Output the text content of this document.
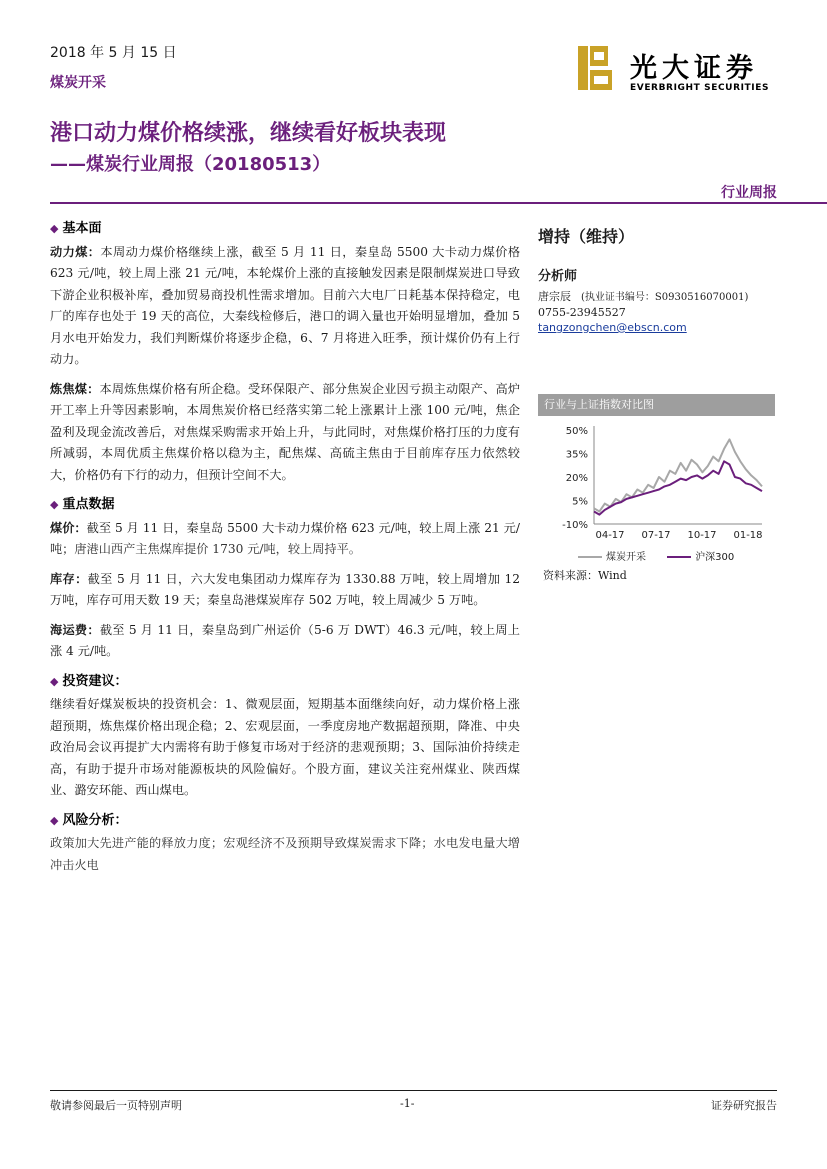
2018 年 5 月 15 日
煤炭开采	光大证券
EVERBRIGHT SECURITIES
港口动力煤价格续涨，继续看好板块表现
——煤炭行业周报（20180513）
行业周报
◆ 基本面

动力煤：本周动力煤价格继续上涨，截至 5 月 11 日，秦皇岛 5500 大卡动力煤价格 623 元/吨，较上周上涨 21 元/吨，本轮煤价上涨的直接触发因素是限制煤炭进口导致下游企业积极补库，叠加贸易商投机性需求增加。目前六大电厂日耗基本保持稳定，电厂的库存也处于 19 天的高位，大秦线检修后，港口的调入量也开始明显增加，叠加 5 月水电开始发力，我们判断煤价将逐步企稳，6、7 月将进入旺季，预计煤价仍有上行动力。

炼焦煤：本周炼焦煤价格有所企稳。受环保限产、部分焦炭企业因亏损主动限产、高炉开工率上升等因素影响，本周焦炭价格已经落实第二轮上涨累计上涨 100 元/吨，焦企盈利及现金流改善后，对焦煤采购需求开始上升，与此同时，对焦煤价格打压的力度有所减弱，本周优质主焦煤价格以稳为主，配焦煤、高硫主焦由于目前库存压力依然较大，价格仍有下行的动力，但预计空间不大。

◆ 重点数据

煤价：截至 5 月 11 日，秦皇岛 5500 大卡动力煤价格 623 元/吨，较上周上涨 21 元/吨；唐港山西产主焦煤库提价 1730 元/吨，较上周持平。

库存：截至 5 月 11 日，六大发电集团动力煤库存为 1330.88 万吨，较上周增加 12 万吨，库存可用天数 19 天；秦皇岛港煤炭库存 502 万吨，较上周减少 5 万吨。

海运费：截至 5 月 11 日，秦皇岛到广州运价（5-6 万 DWT）46.3 元/吨，较上周上涨 4 元/吨。

◆ 投资建议：

继续看好煤炭板块的投资机会：1、微观层面，短期基本面继续向好，动力煤价格上涨超预期，炼焦煤价格出现企稳；2、宏观层面，一季度房地产数据超预期，降准、中央政治局会议再提扩大内需将有助于修复市场对于经济的悲观预期；3、国际油价持续走高，有助于提升市场对能源板块的风险偏好。个股方面，建议关注兖州煤业、陕西煤业、潞安环能、西山煤电。

◆ 风险分析：

政策加大先进产能的释放力度；宏观经济不及预期导致煤炭需求下降；水电发电量大增冲击火电

增持（维持）
分析师
唐宗辰 (执业证书编号：S0930516070001)
0755-23945527
tangzongchen@ebscn.com
行业与上证指数对比图
50%
35%
20%
5%
-10%
04-17 07-17 10-17 01-18
煤炭开采	沪深300
资料来源：Wind
敬请参阅最后一页特别声明	-1-	证券研究报告
